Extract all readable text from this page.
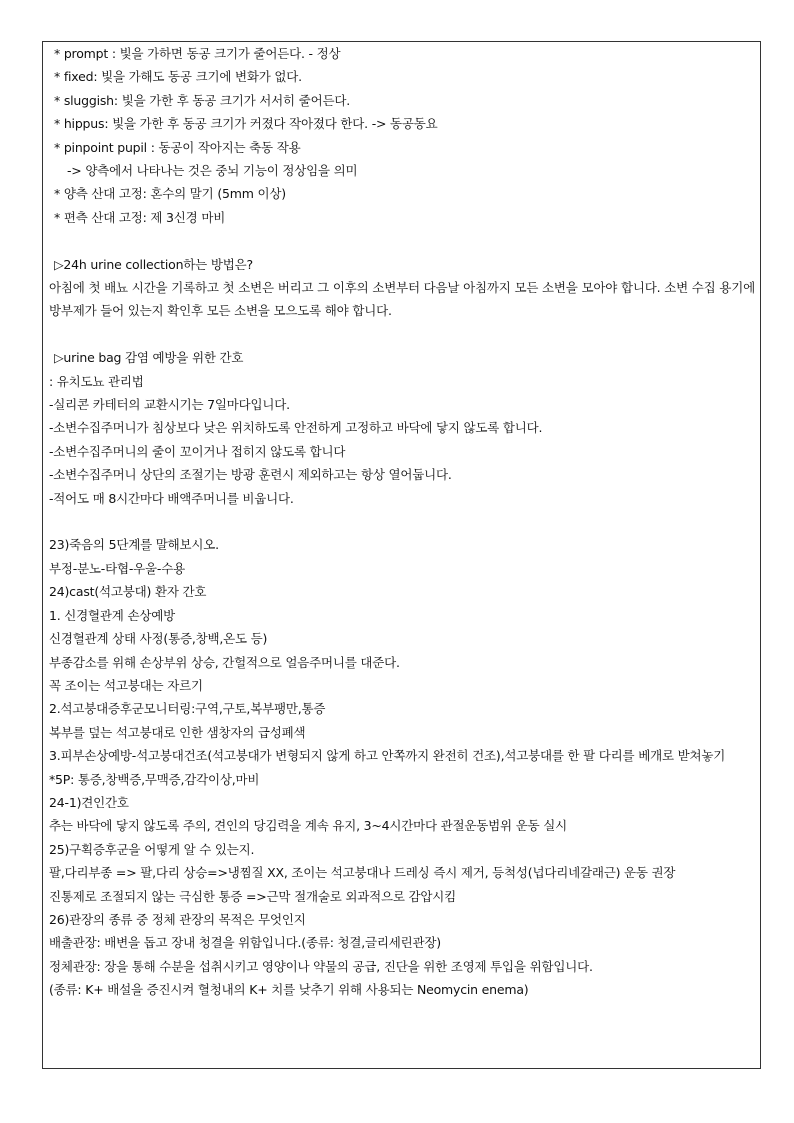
* prompt : 빛을 가하면 동공 크기가 줄어든다. - 정상
* fixed: 빛을 가해도 동공 크기에 변화가 없다.
* sluggish: 빛을 가한 후 동공 크기가 서서히 줄어든다.
* hippus: 빛을 가한 후 동공 크기가 커졌다 작아졌다 한다. -> 동공동요
* pinpoint pupil : 동공이 작아지는 축동 작용
-> 양측에서 나타나는 것은 중뇌 기능이 정상임을 의미
* 양측 산대 고정: 혼수의 말기 (5mm 이상)
* 편측 산대 고정: 제 3신경 마비
▷24h urine collection하는 방법은?
아침에 첫 배뇨 시간을 기록하고 첫 소변은 버리고 그 이후의 소변부터 다음날 아침까지 모든 소변을 모아야 합니다. 소변 수집 용기에 방부제가 들어 있는지 확인후 모든 소변을 모으도록 해야 합니다.
▷urine bag 감염 예방을 위한 간호
: 유치도뇨 관리법
-실리콘 카테터의 교환시기는 7일마다입니다.
-소변수집주머니가 침상보다 낮은 위치하도록 안전하게 고정하고 바닥에 닿지 않도록 합니다.
-소변수집주머니의 줄이 꼬이거나 접히지 않도록 합니다
-소변수집주머니 상단의 조절기는 방광 훈련시 제외하고는 항상 열어둡니다.
-적어도 매 8시간마다 배액주머니를 비웁니다.
23)죽음의 5단계를 말해보시오.
부정-분노-타협-우울-수용
24)cast(석고붕대) 환자 간호
1. 신경혈관계 손상예방
신경혈관계 상태 사정(통증,창백,온도 등)
부종감소를 위해 손상부위 상승, 간헐적으로 얼음주머니를 대준다.
꼭 조이는 석고붕대는 자르기
2.석고붕대증후군모니터링:구역,구토,복부팽만,통증
복부를 덮는 석고붕대로 인한 샘창자의 급성폐색
3.피부손상예방-석고붕대건조(석고붕대가 변형되지 않게 하고 안쪽까지 완전히 건조),석고붕대를 한 팔 다리를 베개로 받쳐놓기
*5P: 통증,창백증,무맥증,감각이상,마비
24-1)견인간호
추는 바닥에 닿지 않도록 주의, 견인의 당김력을 계속 유지, 3~4시간마다 관절운동범위 운동 실시
25)구획증후군을 어떻게 알 수 있는지.
팔,다리부종 => 팔,다리 상승=>냉찜질 XX, 조이는 석고붕대나 드레싱 즉시 제거, 등척성(넙다리네갈래근) 운동 권장
진통제로 조절되지 않는 극심한 통증 =>근막 절개술로 외과적으로 감압시킴
26)관장의 종류 중 정체 관장의 목적은 무엇인지
배출관장: 배변을 돕고 장내 청결을 위함입니다.(종류: 청결,글리세린관장)
정체관장: 장을 통해 수분을 섭취시키고 영양이나 약물의 공급, 진단을 위한 조영제 투입을 위함입니다.
(종류: K+ 배설을 증진시켜 혈청내의 K+ 치를 낮추기 위해 사용되는 Neomycin enema)
